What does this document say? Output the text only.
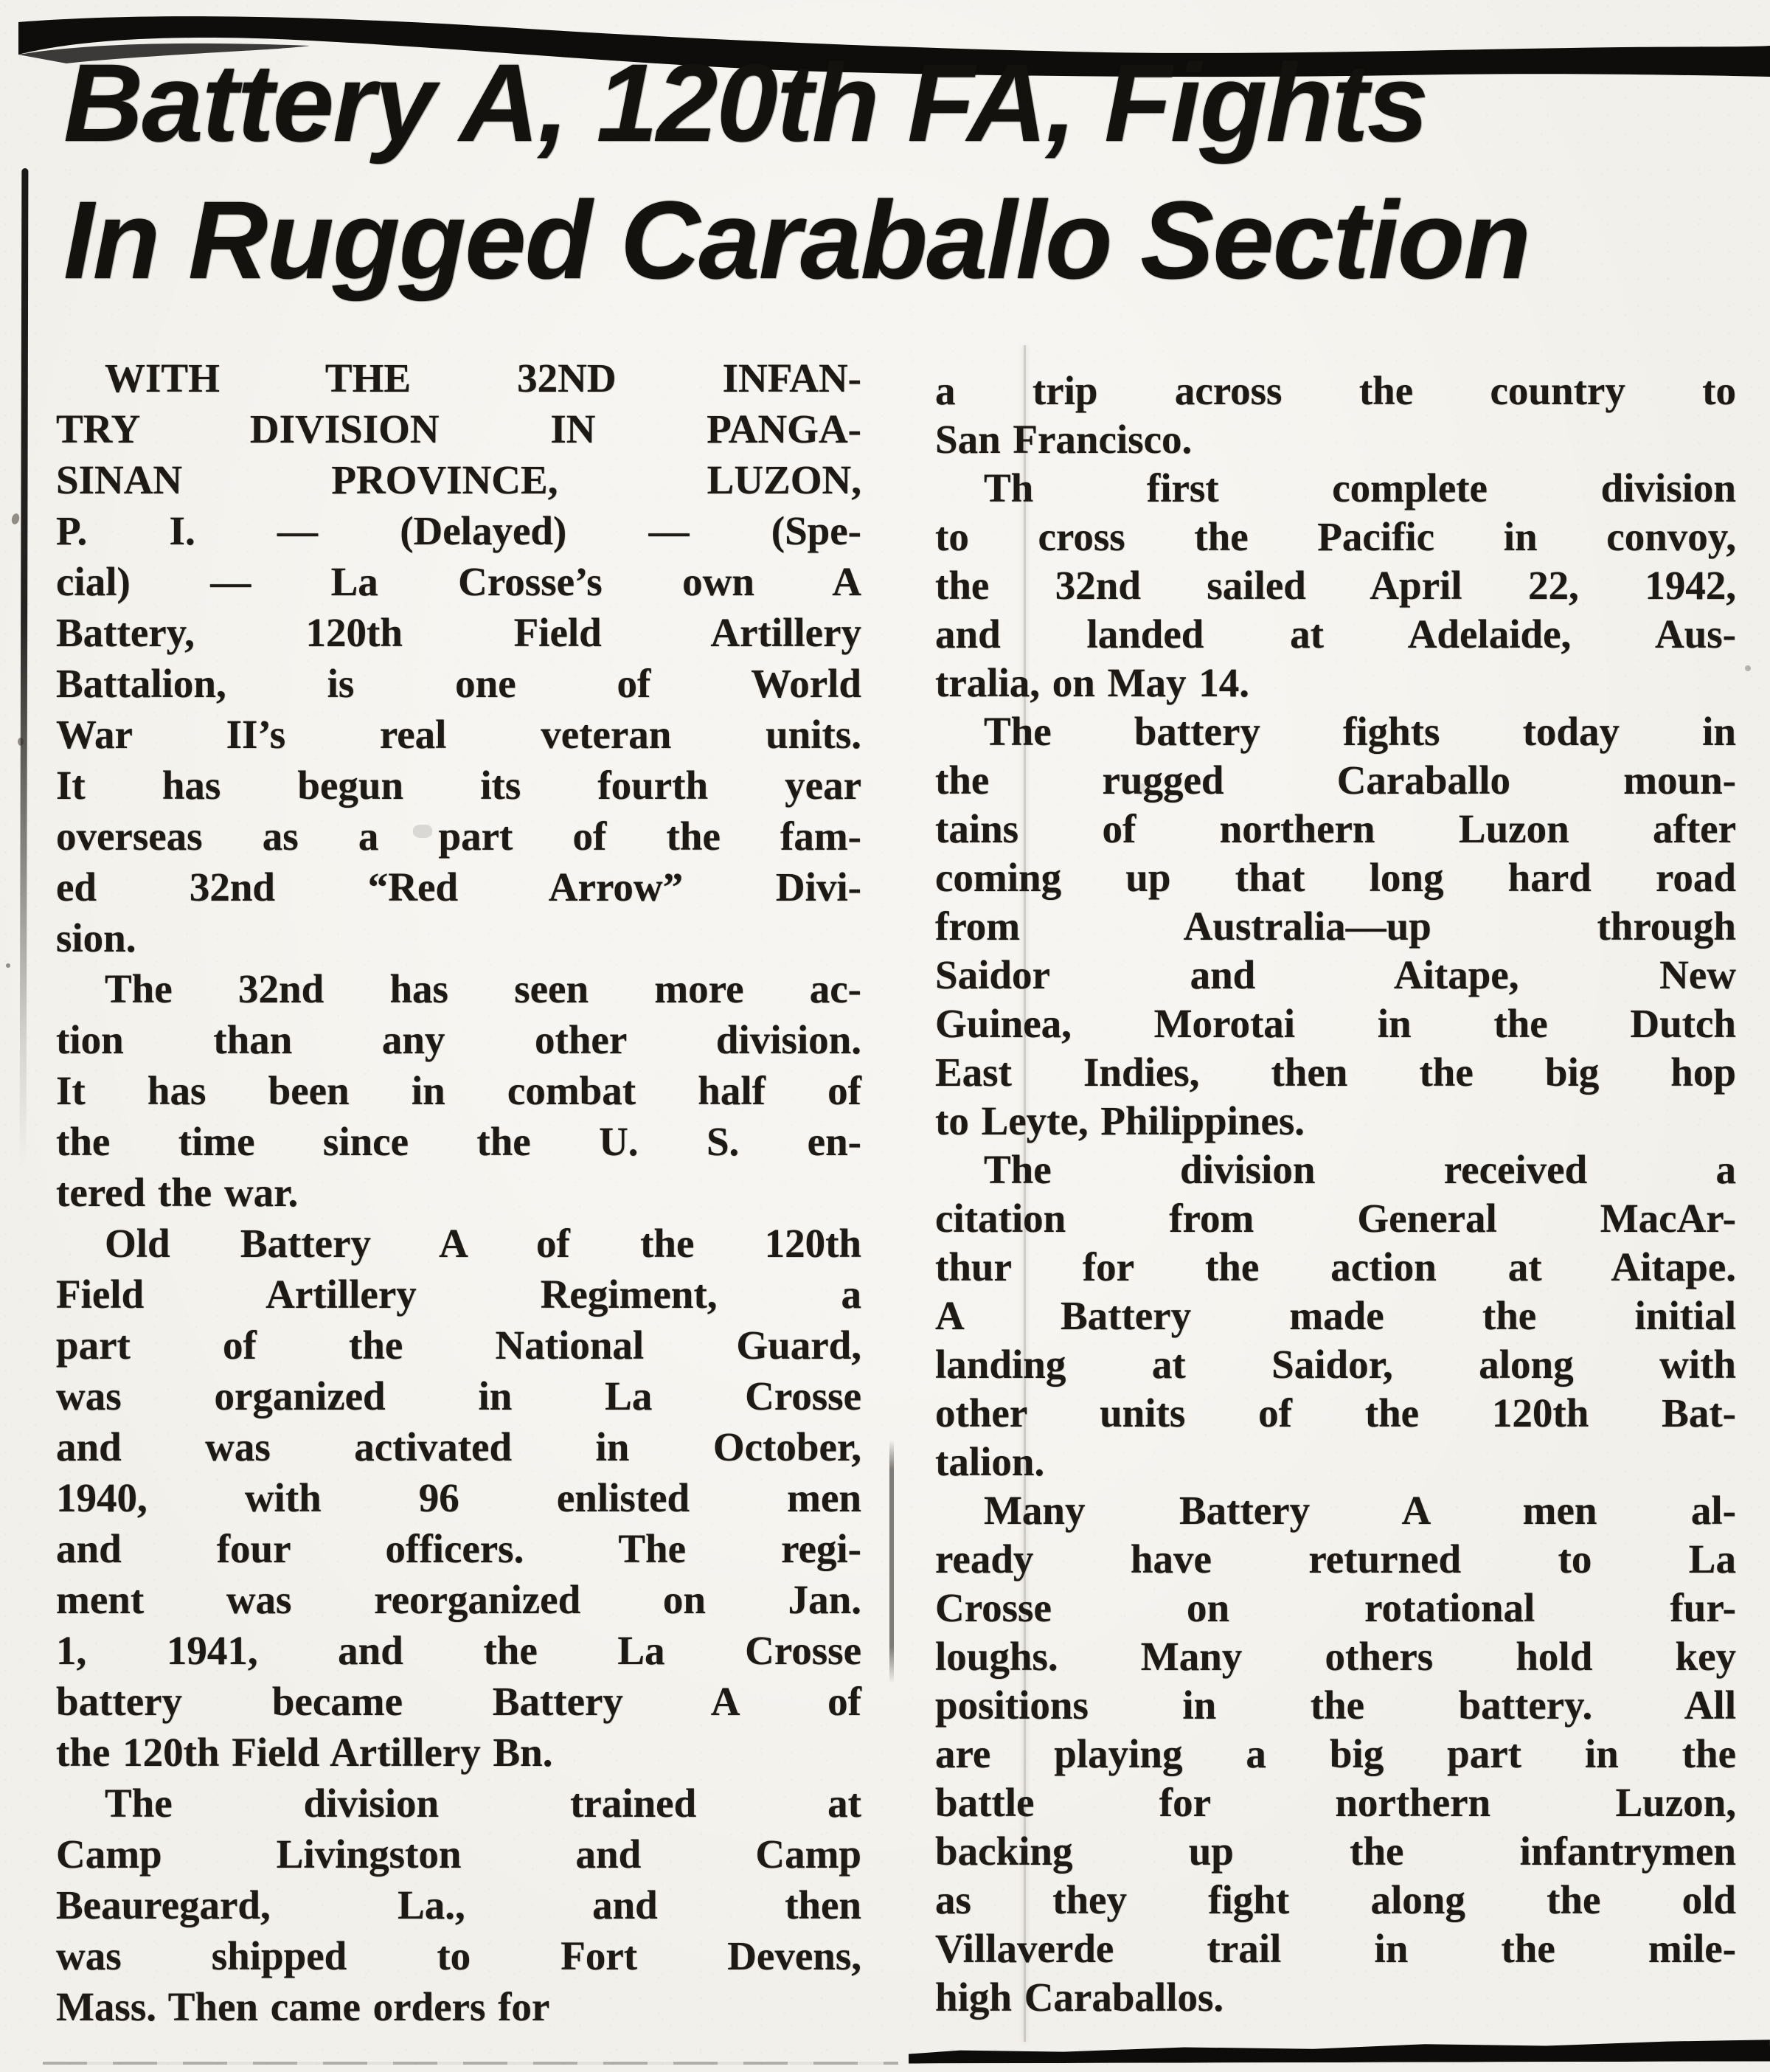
Battery A, 120th FA, Fights
In Rugged Caraballo Section
WITH THE 32ND INFAN-
TRY DIVISION IN PANGA-
SINAN PROVINCE, LUZON,
P. I. — (Delayed) — (Spe-
cial) — La Crosse’s own A
Battery, 120th Field Artillery
Battalion, is one of World
War II’s real veteran units.
It has begun its fourth year
overseas as a part of the fam-
ed 32nd “Red Arrow” Divi-
sion.
The 32nd has seen more ac-
tion than any other division.
It has been in combat half of
the time since the U. S. en-
tered the war.
Old Battery A of the 120th
Field Artillery Regiment, a
part of the National Guard,
was organized in La Crosse
and was activated in October,
1940, with 96 enlisted men
and four officers. The regi-
ment was reorganized on Jan.
1, 1941, and the La Crosse
battery became Battery A of
the 120th Field Artillery Bn.
The division trained at
Camp Livingston and Camp
Beauregard, La., and then
was shipped to Fort Devens,
Mass. Then came orders for
a trip across the country to
San Francisco.
Th first complete division
to cross the Pacific in convoy,
the 32nd sailed April 22, 1942,
and landed at Adelaide, Aus-
tralia, on May 14.
The battery fights today in
the rugged Caraballo moun-
tains of northern Luzon after
coming up that long hard road
from Australia—up through
Saidor and Aitape, New
Guinea, Morotai in the Dutch
East Indies, then the big hop
to Leyte, Philippines.
The division received a
citation from General MacAr-
thur for the action at Aitape.
A Battery made the initial
landing at Saidor, along with
other units of the 120th Bat-
talion.
Many Battery A men al-
ready have returned to La
Crosse on rotational fur-
loughs. Many others hold key
positions in the battery. All
are playing a big part in the
battle for northern Luzon,
backing up the infantrymen
as they fight along the old
Villaverde trail in the mile-
high Caraballos.
